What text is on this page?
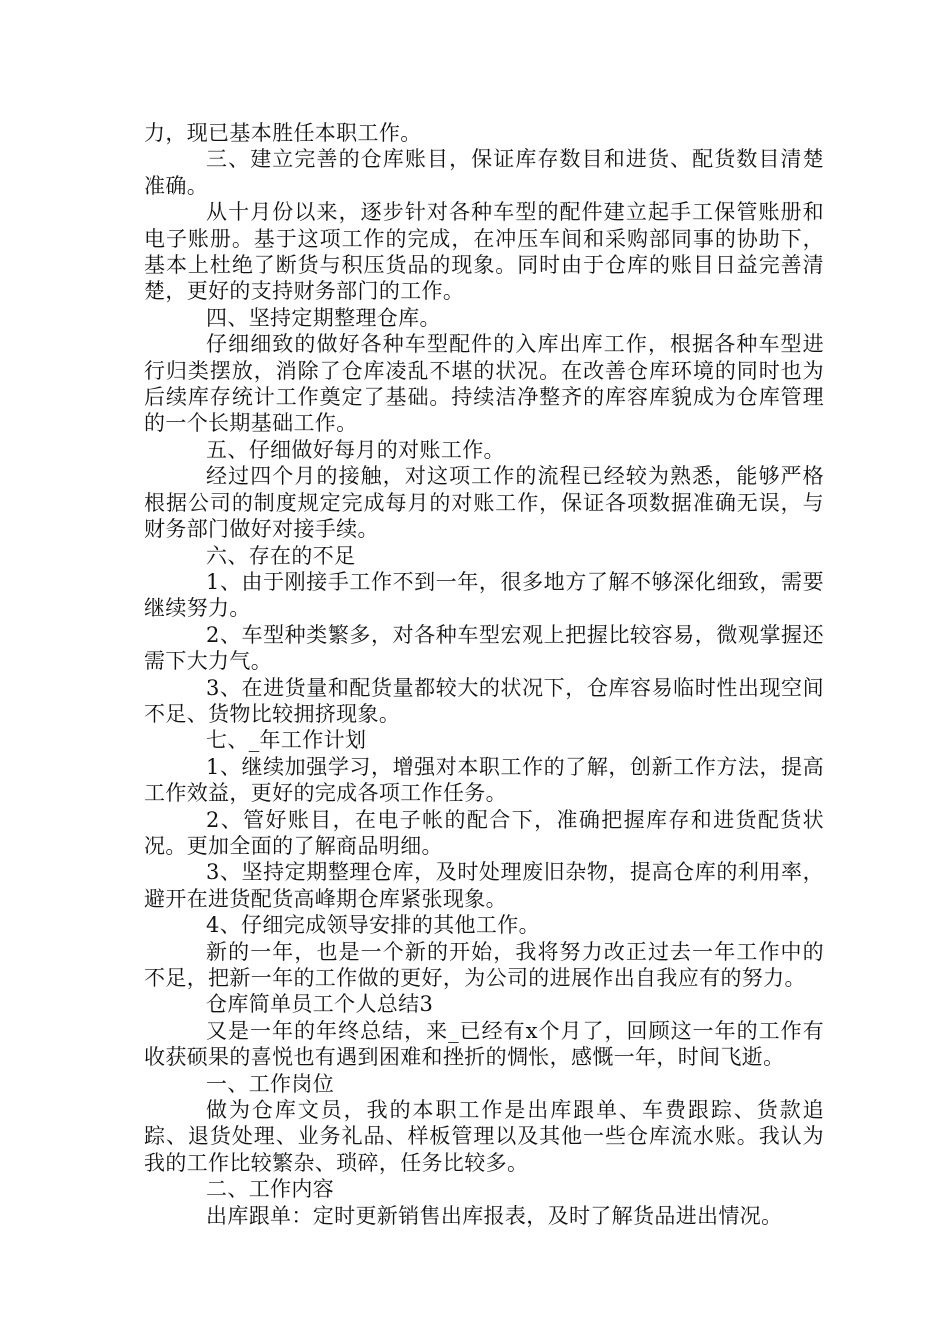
力，现已基本胜任本职工作。

三、建立完善的仓库账目，保证库存数目和进货、配货数目清楚准确。

从十月份以来，逐步针对各种车型的配件建立起手工保管账册和电子账册。基于这项工作的完成，在冲压车间和采购部同事的协助下，基本上杜绝了断货与积压货品的现象。同时由于仓库的账目日益完善清楚，更好的支持财务部门的工作。

四、坚持定期整理仓库。

仔细细致的做好各种车型配件的入库出库工作，根据各种车型进行归类摆放，消除了仓库凌乱不堪的状况。在改善仓库环境的同时也为后续库存统计工作奠定了基础。持续洁净整齐的库容库貌成为仓库管理的一个长期基础工作。

五、仔细做好每月的对账工作。

经过四个月的接触，对这项工作的流程已经较为熟悉，能够严格根据公司的制度规定完成每月的对账工作，保证各项数据准确无误，与财务部门做好对接手续。

六、存在的不足

1、由于刚接手工作不到一年，很多地方了解不够深化细致，需要继续努力。

2、车型种类繁多，对各种车型宏观上把握比较容易，微观掌握还需下大力气。

3、在进货量和配货量都较大的状况下，仓库容易临时性出现空间不足、货物比较拥挤现象。

七、_年工作计划

1、继续加强学习，增强对本职工作的了解，创新工作方法，提高工作效益，更好的完成各项工作任务。

2、管好账目，在电子帐的配合下，准确把握库存和进货配货状况。更加全面的了解商品明细。

3、坚持定期整理仓库，及时处理废旧杂物，提高仓库的利用率，避开在进货配货高峰期仓库紧张现象。

4、仔细完成领导安排的其他工作。

新的一年，也是一个新的开始，我将努力改正过去一年工作中的不足，把新一年的工作做的更好，为公司的进展作出自我应有的努力。

仓库简单员工个人总结3

又是一年的年终总结，来_已经有x个月了，回顾这一年的工作有收获硕果的喜悦也有遇到困难和挫折的惆怅，感慨一年，时间飞逝。

一、工作岗位

做为仓库文员，我的本职工作是出库跟单、车费跟踪、货款追踪、退货处理、业务礼品、样板管理以及其他一些仓库流水账。我认为我的工作比较繁杂、琐碎，任务比较多。

二、工作内容

出库跟单：定时更新销售出库报表，及时了解货品进出情况。
